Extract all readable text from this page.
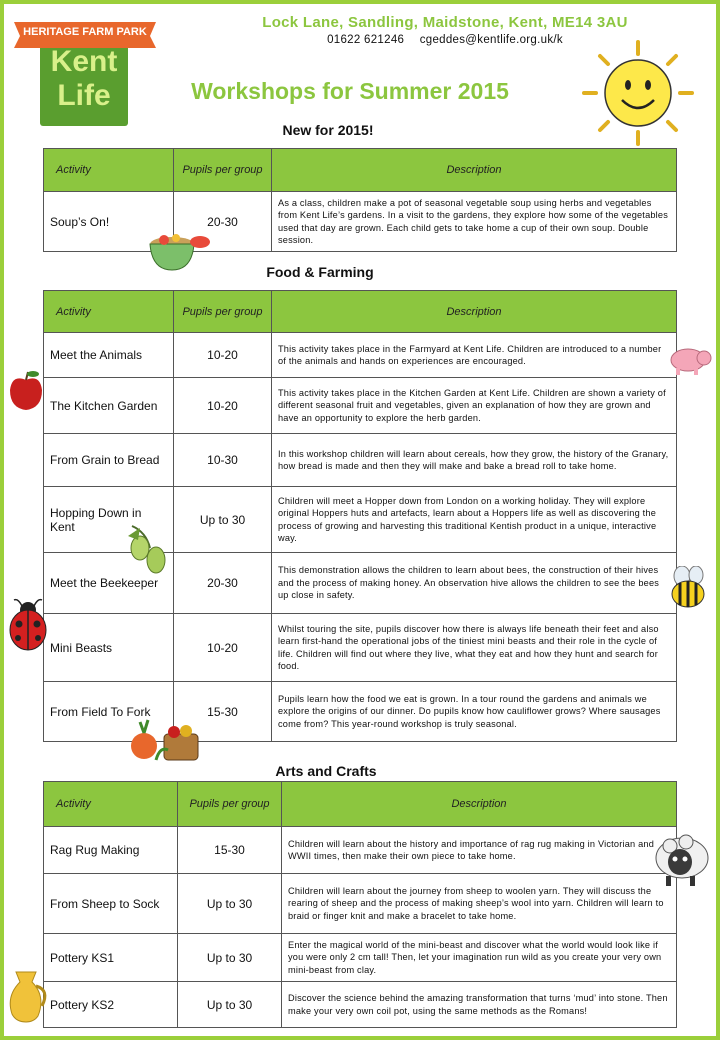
HERITAGE FARM PARK
Kent
Life
Lock Lane, Sandling, Maidstone, Kent, ME14 3AU
01622 621246 cgeddes@kentlife.org.uk/k
Workshops for Summer 2015
New for 2015!
Activity	Pupils per group	Description
Soup’s On!	20-30	As a class, children make a pot of seasonal vegetable soup using herbs and vegetables from Kent Life’s gardens. In a visit to the gardens, they explore how some of the vegetables used that day are grown. Each child gets to take home a cup of their own soup. Double session.
Food & Farming
Activity	Pupils per group	Description
Meet the Animals	10-20	This activity takes place in the Farmyard at Kent Life. Children are introduced to a number of the animals and hands on experiences are encouraged.
The Kitchen Garden	10-20	This activity takes place in the Kitchen Garden at Kent Life. Children are shown a variety of different seasonal fruit and vegetables, given an explanation of how they are grown and have an opportunity to explore the herb garden.
From Grain to Bread	10-30	In this workshop children will learn about cereals, how they grow, the history of the Granary, how bread is made and then they will make and bake a bread roll to take home.
Hopping Down in Kent	Up to 30	Children will meet a Hopper down from London on a working holiday. They will explore original Hoppers huts and artefacts, learn about a Hoppers life as well as discovering the process of growing and harvesting this traditional Kentish product in a unique, interactive way.
Meet the Beekeeper	20-30	This demonstration allows the children to learn about bees, the construction of their hives and the process of making honey. An observation hive allows the children to see the bees up close in safety.
Mini Beasts	10-20	Whilst touring the site, pupils discover how there is always life beneath their feet and also learn first-hand the operational jobs of the tiniest mini beasts and their role in the cycle of life. Children will find out where they live, what they eat and how they hunt and search for food.
From Field To Fork	15-30	Pupils learn how the food we eat is grown. In a tour round the gardens and animals we explore the origins of our dinner. Do pupils know how cauliflower grows? Where sausages come from? This year-round workshop is truly seasonal.
Arts and Crafts
Activity	Pupils per group	Description
Rag Rug Making	15-30	Children will learn about the history and importance of rag rug making in Victorian and WWII times, then make their own piece to take home.
From Sheep to Sock	Up to 30	Children will learn about the journey from sheep to woolen yarn. They will discuss the rearing of sheep and the process of making sheep’s wool into yarn. Children will learn to braid or finger knit and make a bracelet to take home.
Pottery KS1	Up to 30	Enter the magical world of the mini-beast and discover what the world would look like if you were only 2 cm tall! Then, let your imagination run wild as you create your very own mini-beast from clay.
Pottery KS2	Up to 30	Discover the science behind the amazing transformation that turns ‘mud’ into stone. Then make your very own coil pot, using the same methods as the Romans!
